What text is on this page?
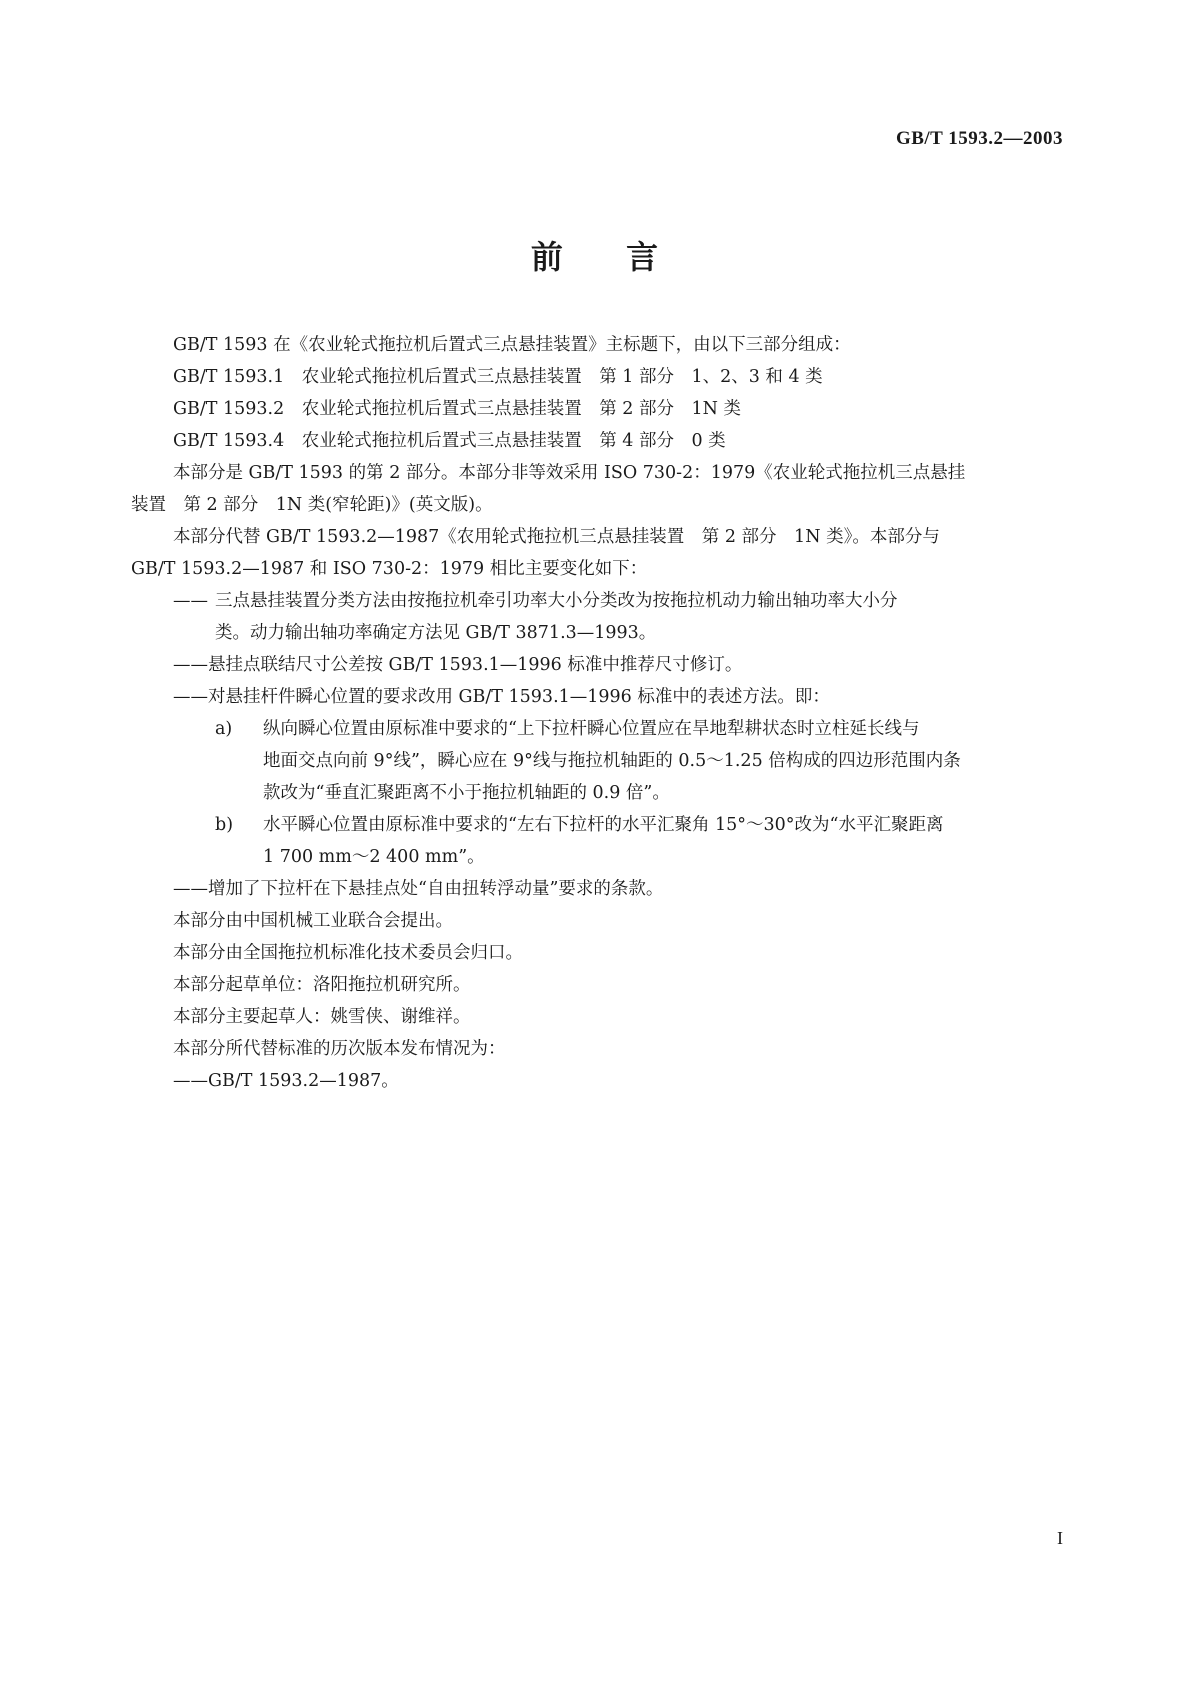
GB/T 1593.2—2003
前 言

GB/T 1593 在《农业轮式拖拉机后置式三点悬挂装置》主标题下，由以下三部分组成：

GB/T 1593.1　农业轮式拖拉机后置式三点悬挂装置　第 1 部分　1、2、3 和 4 类

GB/T 1593.2　农业轮式拖拉机后置式三点悬挂装置　第 2 部分　1N 类

GB/T 1593.4　农业轮式拖拉机后置式三点悬挂装置　第 4 部分　0 类

本部分是 GB/T 1593 的第 2 部分。本部分非等效采用 ISO 730-2：1979《农业轮式拖拉机三点悬挂

装置　第 2 部分　1N 类(窄轮距)》(英文版)。

本部分代替 GB/T 1593.2—1987《农用轮式拖拉机三点悬挂装置　第 2 部分　1N 类》。本部分与

GB/T 1593.2—1987 和 ISO 730-2：1979 相比主要变化如下：

—— 三点悬挂装置分类方法由按拖拉机牵引功率大小分类改为按拖拉机动力输出轴功率大小分
类。动力输出轴功率确定方法见 GB/T 3871.3—1993。

——悬挂点联结尺寸公差按 GB/T 1593.1—1996 标准中推荐尺寸修订。

——对悬挂杆件瞬心位置的要求改用 GB/T 1593.1—1996 标准中的表述方法。即：

a) 纵向瞬心位置由原标准中要求的“上下拉杆瞬心位置应在旱地犁耕状态时立柱延长线与
地面交点向前 9°线”，瞬心应在 9°线与拖拉机轴距的 0.5～1.25 倍构成的四边形范围内条
款改为“垂直汇聚距离不小于拖拉机轴距的 0.9 倍”。
b) 水平瞬心位置由原标准中要求的“左右下拉杆的水平汇聚角 15°～30°改为“水平汇聚距离
1 700 mm～2 400 mm”。

——增加了下拉杆在下悬挂点处“自由扭转浮动量”要求的条款。

本部分由中国机械工业联合会提出。

本部分由全国拖拉机标准化技术委员会归口。

本部分起草单位：洛阳拖拉机研究所。

本部分主要起草人：姚雪侠、谢维祥。

本部分所代替标准的历次版本发布情况为：

——GB/T 1593.2—1987。

I
